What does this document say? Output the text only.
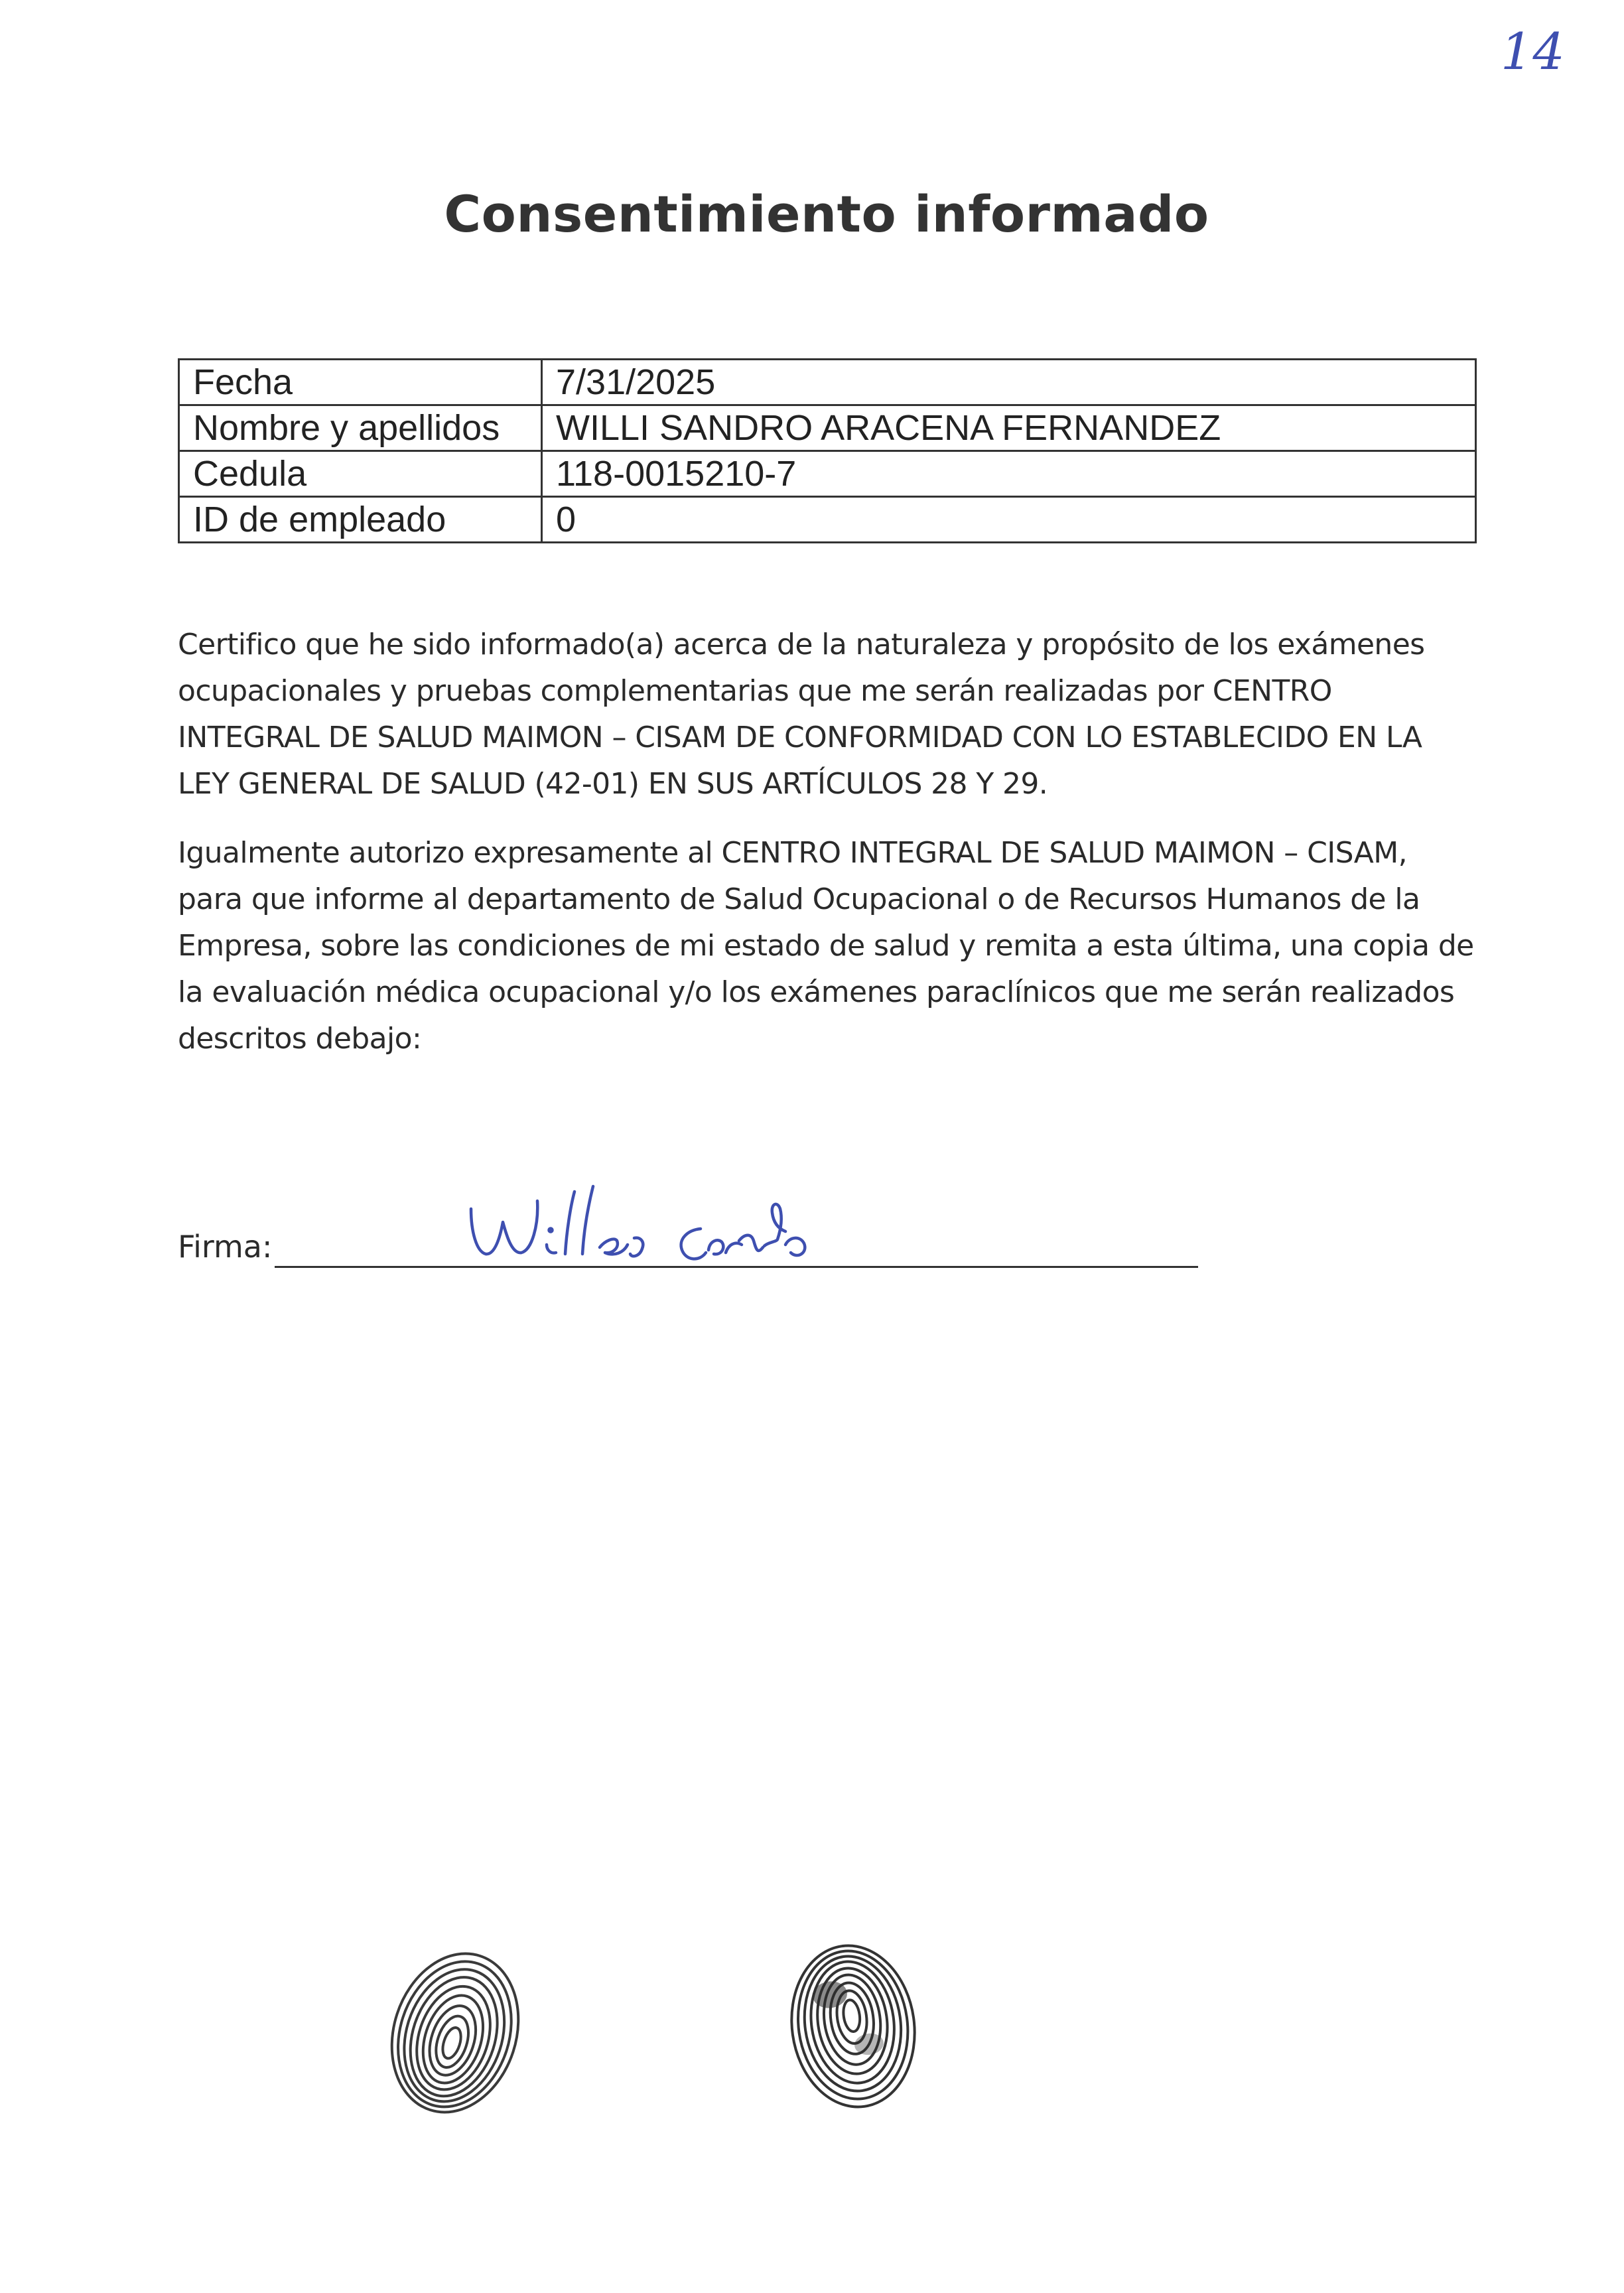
14
Consentimiento informado
Fecha	7/31/2025
Nombre y apellidos	WILLI SANDRO ARACENA FERNANDEZ
Cedula	118-0015210-7
ID de empleado	0

Certifico que he sido informado(a) acerca de la naturaleza y propósito de los exámenes ocupacionales y pruebas complementarias que me serán realizadas por CENTRO INTEGRAL DE SALUD MAIMON – CISAM DE CONFORMIDAD CON LO ESTABLECIDO EN LA LEY GENERAL DE SALUD (42-01) EN SUS ARTÍCULOS 28 Y 29.

Igualmente autorizo expresamente al CENTRO INTEGRAL DE SALUD MAIMON – CISAM, para que informe al departamento de Salud Ocupacional o de Recursos Humanos de la Empresa, sobre las condiciones de mi estado de salud y remita a esta última, una copia de la evaluación médica ocupacional y/o los exámenes paraclínicos que me serán realizados descritos debajo:

Firma:
